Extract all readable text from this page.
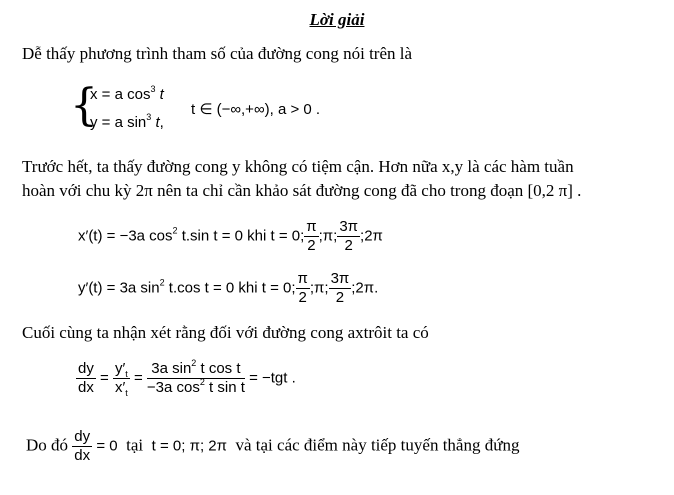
Lời giải
Dễ thấy phương trình tham số của đường cong nói trên là
{
x = a $\cos^3 t$
y = a $\sin^3 t$,
t ∈ (−∞,+∞), a > 0 .
Trước hết, ta thấy đường cong y không có tiệm cận. Hơn nữa x,y là các hàm tuần
hoàn với chu kỳ 2π nên ta chỉ cần khảo sát đường cong đã cho trong đoạn [0,2 π] .
x′(t) = −3a $\cos^2 t.\sin$ t = 0 khi t = 0; $\frac{\pi}{2}$ ;π; $\frac{3\pi}{2}$ ;2π
y′(t) = 3a $\sin^2 t.\cos$ t = 0 khi t = 0; $\frac{\pi}{2}$ ;π; $\frac{3\pi}{2}$ ;2π.
Cuối cùng ta nhận xét rằng đối với đường cong axtrôit ta có
$\frac{dy}{dx} = \frac{y'_t}{x'_t} = \frac{3a \sin^2 t \cos t}{-3a \cos^2 t \sin t} = -tgt$ .
Do đó $\frac{dy}{dx} = 0$ tại t = 0; π; 2π và tại các điểm này tiếp tuyến thẳng đứng
